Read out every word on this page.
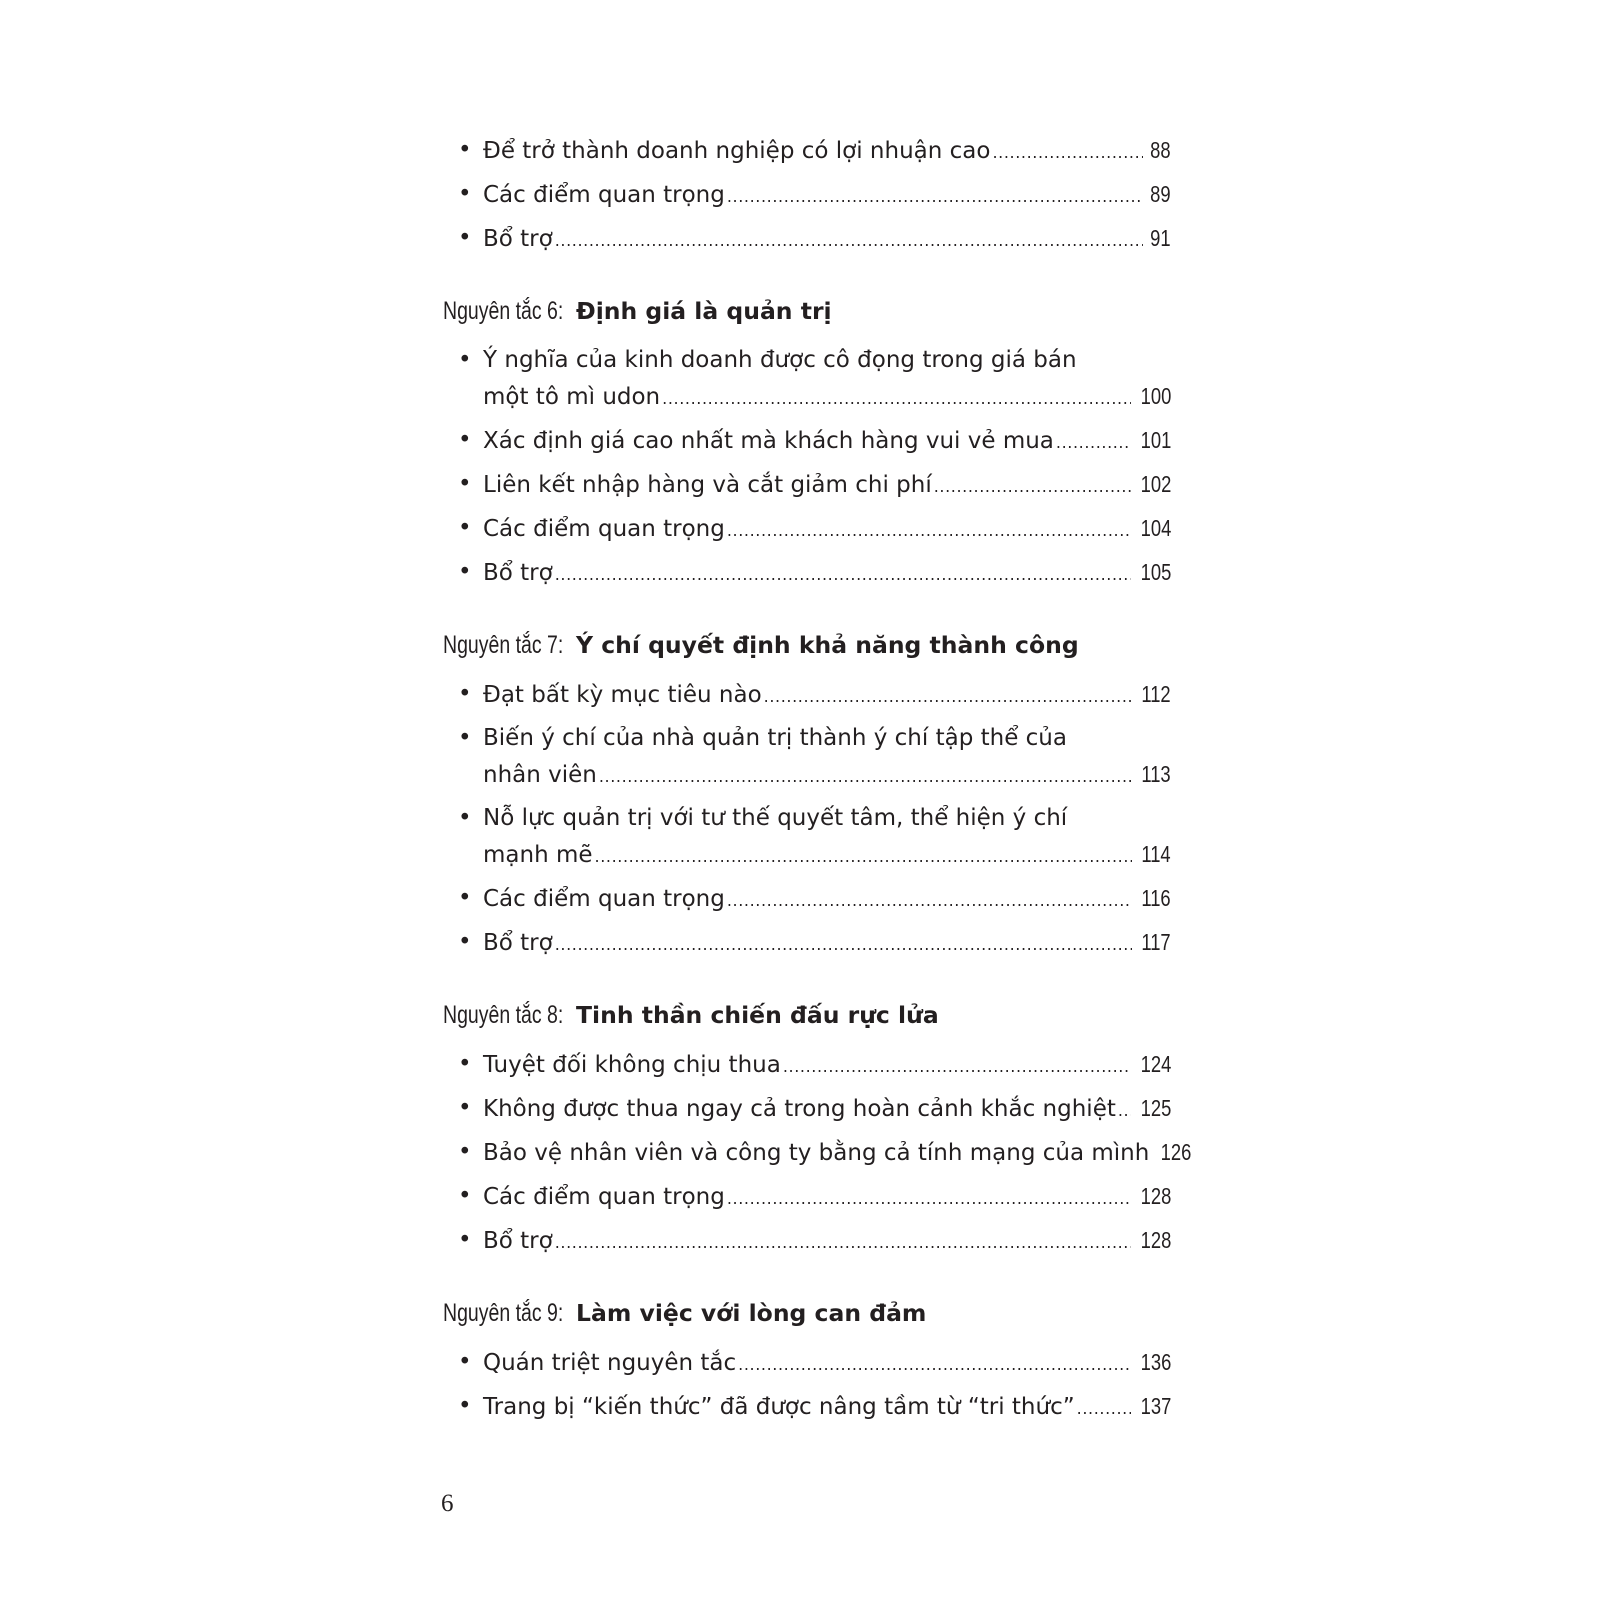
• Để trở thành doanh nghiệp có lợi nhuận cao .....	88
• Các điểm quan trọng .....	89
• Bổ trợ .....	91
Nguyên tắc 6: Định giá là quản trị
• Ý nghĩa của kinh doanh được cô đọng trong giá bán
một tô mì udon .....	100
• Xác định giá cao nhất mà khách hàng vui vẻ mua .....	101
• Liên kết nhập hàng và cắt giảm chi phí .....	102
• Các điểm quan trọng .....	104
• Bổ trợ .....	105
Nguyên tắc 7: Ý chí quyết định khả năng thành công
• Đạt bất kỳ mục tiêu nào .....	112
• Biến ý chí của nhà quản trị thành ý chí tập thể của
nhân viên .....	113
• Nỗ lực quản trị với tư thế quyết tâm, thể hiện ý chí
mạnh mẽ .....	114
• Các điểm quan trọng .....	116
• Bổ trợ .....	117
Nguyên tắc 8: Tinh thần chiến đấu rực lửa
• Tuyệt đối không chịu thua .....	124
• Không được thua ngay cả trong hoàn cảnh khắc nghiệt ..... 125
• Bảo vệ nhân viên và công ty bằng cả tính mạng của mình 126
• Các điểm quan trọng .....	128
• Bổ trợ .....	128
Nguyên tắc 9: Làm việc với lòng can đảm
• Quán triệt nguyên tắc .....	136
• Trang bị “kiến thức” đã được nâng tầm từ “tri thức” .....	137
6
